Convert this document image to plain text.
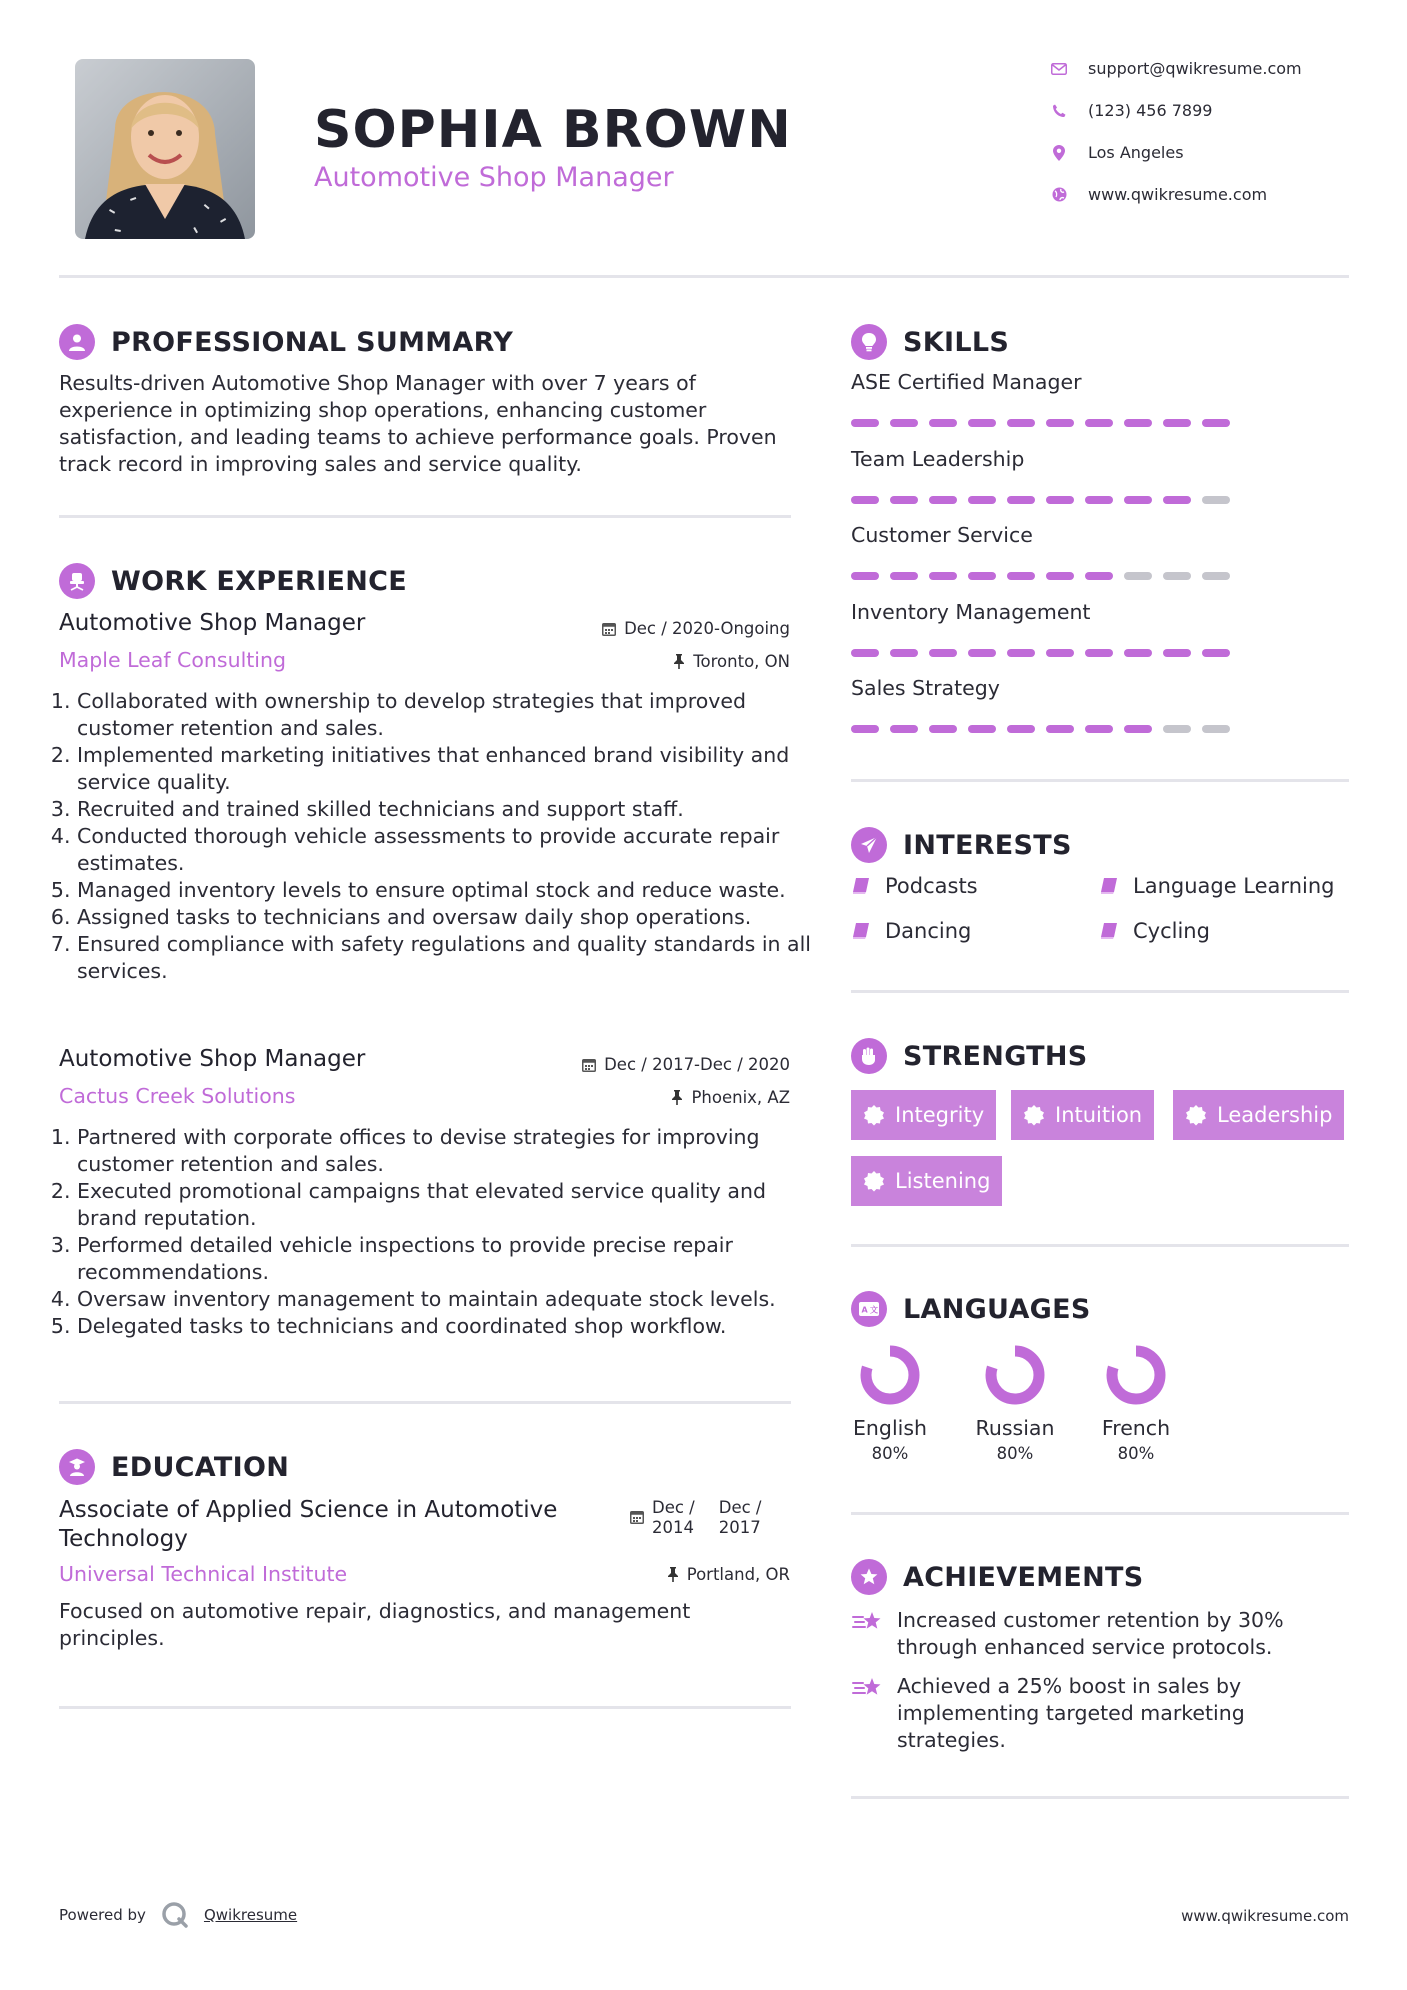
SOPHIA BROWN
Automotive Shop Manager
support@qwikresume.com
(123) 456 7899
Los Angeles
www.qwikresume.com
PROFESSIONAL SUMMARY
Results-driven Automotive Shop Manager with over 7 years of experience in optimizing shop operations, enhancing customer satisfaction, and leading teams to achieve performance goals. Proven track record in improving sales and service quality.
WORK EXPERIENCE
Automotive Shop Manager	Dec / 2020-Ongoing
Maple Leaf Consulting	Toronto, ON
1. Collaborated with ownership to develop strategies that improved customer retention and sales.
2. Implemented marketing initiatives that enhanced brand visibility and service quality.
3. Recruited and trained skilled technicians and support staff.
4. Conducted thorough vehicle assessments to provide accurate repair estimates.
5. Managed inventory levels to ensure optimal stock and reduce waste.
6. Assigned tasks to technicians and oversaw daily shop operations.
7. Ensured compliance with safety regulations and quality standards in all services.
Automotive Shop Manager	Dec / 2017-Dec / 2020
Cactus Creek Solutions	Phoenix, AZ
1. Partnered with corporate offices to devise strategies for improving customer retention and sales.
2. Executed promotional campaigns that elevated service quality and brand reputation.
3. Performed detailed vehicle inspections to provide precise repair recommendations.
4. Oversaw inventory management to maintain adequate stock levels.
5. Delegated tasks to technicians and coordinated shop workflow.
EDUCATION
Associate of Applied Science in Automotive Technology
Dec /
2014
Dec /
2017
Universal Technical Institute	Portland, OR
Focused on automotive repair, diagnostics, and management principles.
SKILLS
ASE Certified Manager
Team Leadership
Customer Service
Inventory Management
Sales Strategy
INTERESTS
Podcasts	Language Learning
Dancing	Cycling
STRENGTHS
Integrity	Intuition	Leadership
Listening
A 文 LANGUAGES
English
80%
Russian
80%
French
80%
ACHIEVEMENTS
Increased customer retention by 30% through enhanced service protocols.
Achieved a 25% boost in sales by implementing targeted marketing strategies.
Powered by	Qwikresume	www.qwikresume.com
